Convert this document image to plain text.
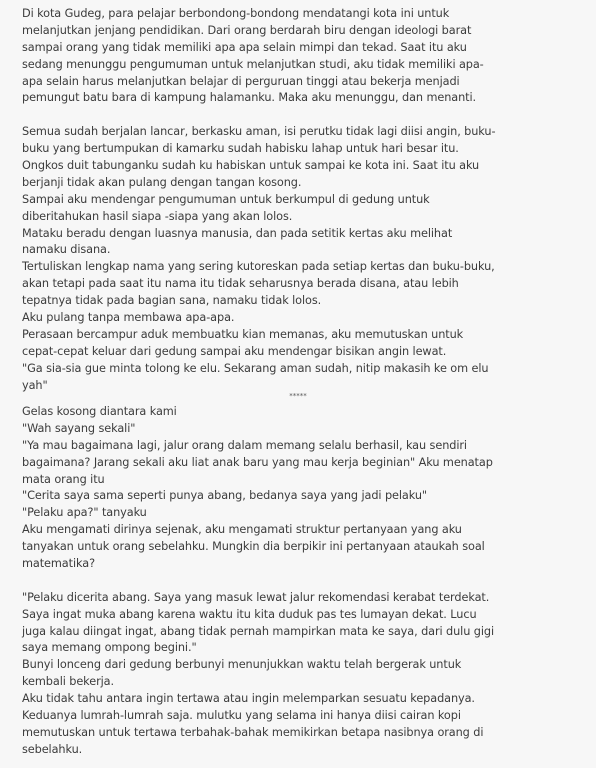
Di kota Gudeg, para pelajar berbondong-bondong mendatangi kota ini untuk
melanjutkan jenjang pendidikan. Dari orang berdarah biru dengan ideologi barat
sampai orang yang tidak memiliki apa apa selain mimpi dan tekad. Saat itu aku
sedang menunggu pengumuman untuk melanjutkan studi, aku tidak memiliki apa-
apa selain harus melanjutkan belajar di perguruan tinggi atau bekerja menjadi
pemungut batu bara di kampung halamanku. Maka aku menunggu, dan menanti.
Semua sudah berjalan lancar, berkasku aman, isi perutku tidak lagi diisi angin, buku-
buku yang bertumpukan di kamarku sudah habisku lahap untuk hari besar itu.
Ongkos duit tabunganku sudah ku habiskan untuk sampai ke kota ini. Saat itu aku
berjanji tidak akan pulang dengan tangan kosong.
Sampai aku mendengar pengumuman untuk berkumpul di gedung untuk
diberitahukan hasil siapa -siapa yang akan lolos.
Mataku beradu dengan luasnya manusia, dan pada setitik kertas aku melihat
namaku disana.
Tertuliskan lengkap nama yang sering kutoreskan pada setiap kertas dan buku-buku,
akan tetapi pada saat itu nama itu tidak seharusnya berada disana, atau lebih
tepatnya tidak pada bagian sana, namaku tidak lolos.
Aku pulang tanpa membawa apa-apa.
Perasaan bercampur aduk membuatku kian memanas, aku memutuskan untuk
cepat-cepat keluar dari gedung sampai aku mendengar bisikan angin lewat.
"Ga sia-sia gue minta tolong ke elu. Sekarang aman sudah, nitip makasih ke om elu
yah"
*****
Gelas kosong diantara kami
"Wah sayang sekali"
"Ya mau bagaimana lagi, jalur orang dalam memang selalu berhasil, kau sendiri
bagaimana? Jarang sekali aku liat anak baru yang mau kerja beginian" Aku menatap
mata orang itu
"Cerita saya sama seperti punya abang, bedanya saya yang jadi pelaku"
"Pelaku apa?" tanyaku
Aku mengamati dirinya sejenak, aku mengamati struktur pertanyaan yang aku
tanyakan untuk orang sebelahku. Mungkin dia berpikir ini pertanyaan ataukah soal
matematika?
"Pelaku dicerita abang. Saya yang masuk lewat jalur rekomendasi kerabat terdekat.
Saya ingat muka abang karena waktu itu kita duduk pas tes lumayan dekat. Lucu
juga kalau diingat ingat, abang tidak pernah mampirkan mata ke saya, dari dulu gigi
saya memang ompong begini."
Bunyi lonceng dari gedung berbunyi menunjukkan waktu telah bergerak untuk
kembali bekerja.
Aku tidak tahu antara ingin tertawa atau ingin melemparkan sesuatu kepadanya.
Keduanya lumrah-lumrah saja. mulutku yang selama ini hanya diisi cairan kopi
memutuskan untuk tertawa terbahak-bahak memikirkan betapa nasibnya orang di
sebelahku.
